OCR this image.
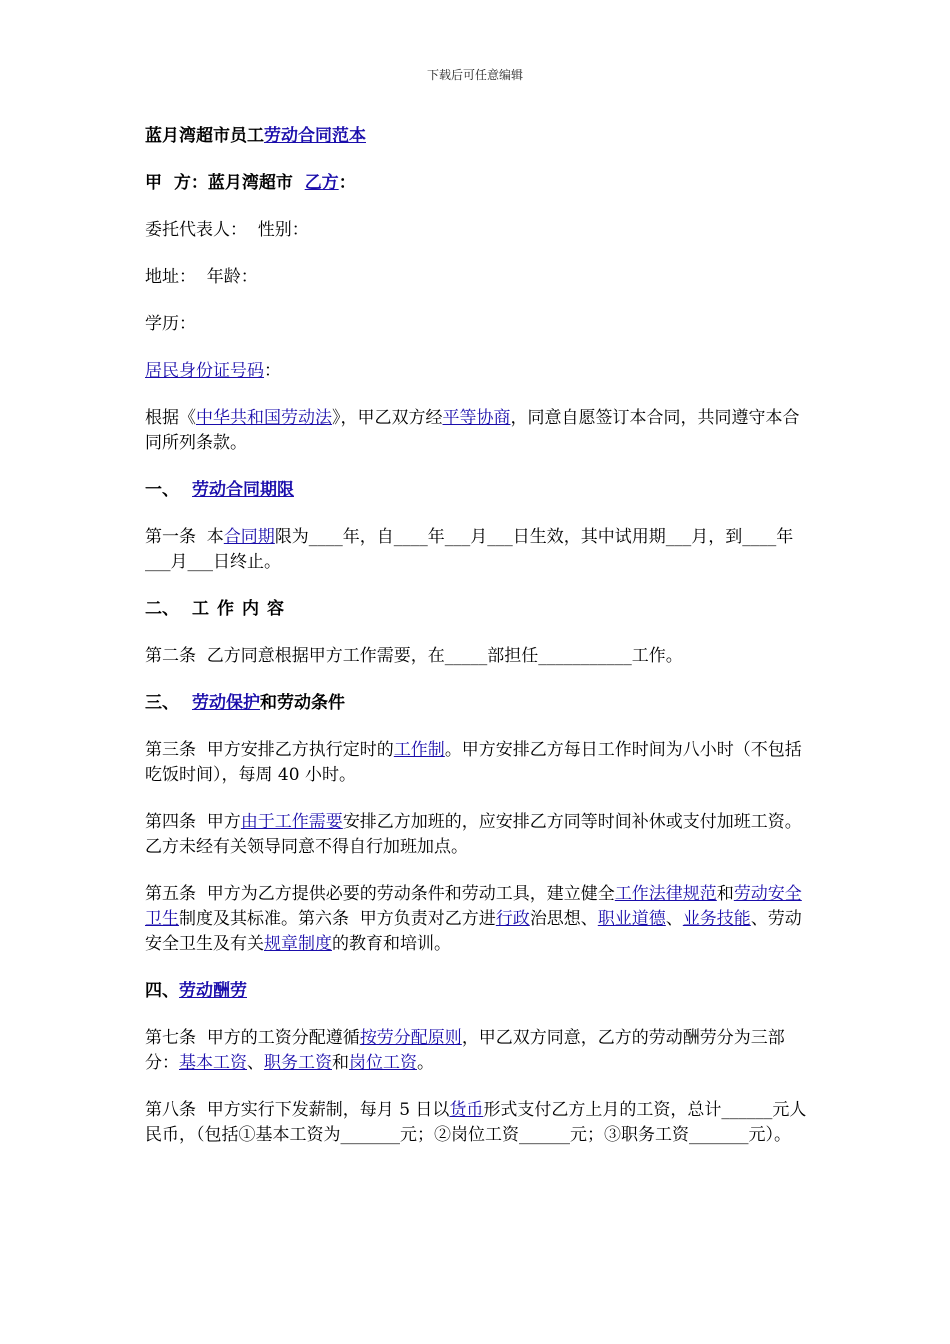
下载后可任意编辑

蓝月湾超市员工劳动合同范本

甲  方：蓝月湾超市  乙方：

委托代表人：  性别：

地址：  年龄：

学历：

居民身份证号码：

根据《中华共和国劳动法》，甲乙双方经平等协商，同意自愿签订本合同，共同遵守本合同所列条款。

一、 劳动合同期限

第一条  本合同期限为____年，自____年___月___日生效，其中试用期___月，到____年___月___日终止。

二、 工作内容

第二条  乙方同意根据甲方工作需要，在_____部担任___________工作。

三、 劳动保护和劳动条件

第三条  甲方安排乙方执行定时的工作制。甲方安排乙方每日工作时间为八小时（不包括吃饭时间），每周 40 小时。

第四条  甲方由于工作需要安排乙方加班的，应安排乙方同等时间补休或支付加班工资。乙方未经有关领导同意不得自行加班加点。

第五条  甲方为乙方提供必要的劳动条件和劳动工具，建立健全工作法律规范和劳动安全卫生制度及其标准。第六条  甲方负责对乙方进行政治思想、职业道德、业务技能、劳动安全卫生及有关规章制度的教育和培训。

四、劳动酬劳

第七条  甲方的工资分配遵循按劳分配原则，甲乙双方同意，乙方的劳动酬劳分为三部分：基本工资、职务工资和岗位工资。

第八条  甲方实行下发薪制，每月 5 日以货币形式支付乙方上月的工资，总计______元人民币，（包括①基本工资为_______元；②岗位工资______元；③职务工资_______元）。
